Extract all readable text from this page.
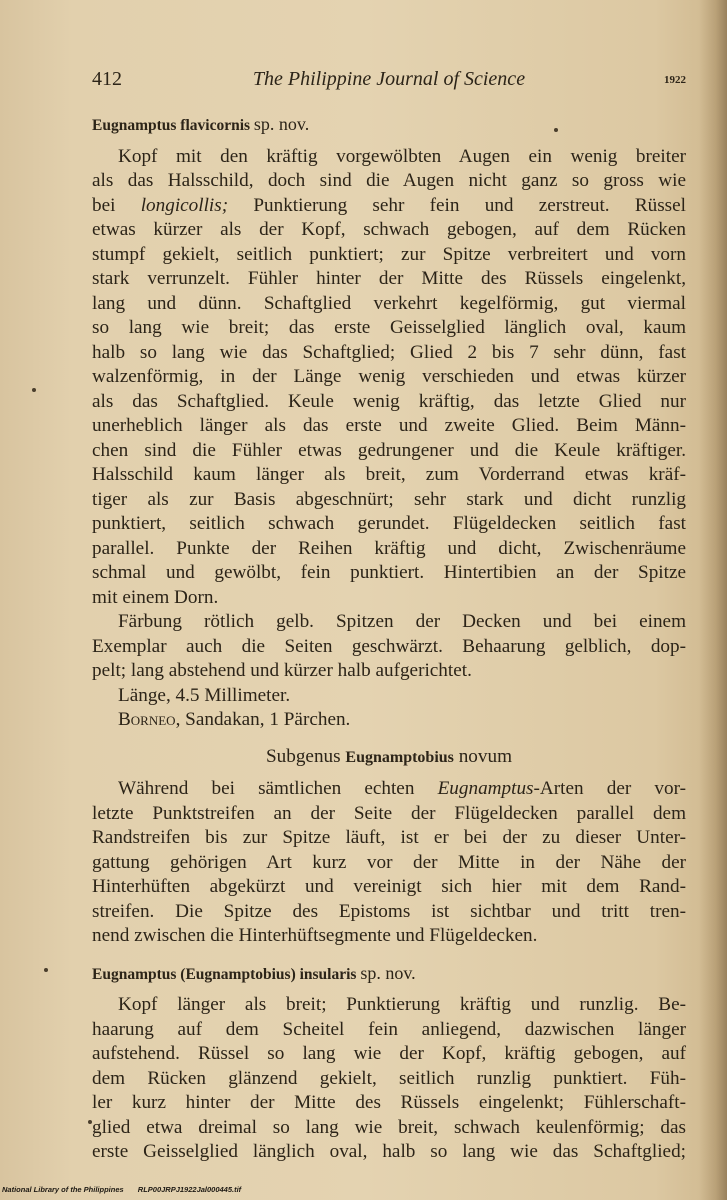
412	The Philippine Journal of Science	1922
Eugnamptus flavicornis sp. nov.
Kopf mit den kräftig vorgewölbten Augen ein wenig breiter
als das Halsschild, doch sind die Augen nicht ganz so gross wie
bei longicollis; Punktierung sehr fein und zerstreut. Rüssel
etwas kürzer als der Kopf, schwach gebogen, auf dem Rücken
stumpf gekielt, seitlich punktiert; zur Spitze verbreitert und vorn
stark verrunzelt. Fühler hinter der Mitte des Rüssels eingelenkt,
lang und dünn. Schaftglied verkehrt kegelförmig, gut viermal
so lang wie breit; das erste Geisselglied länglich oval, kaum
halb so lang wie das Schaftglied; Glied 2 bis 7 sehr dünn, fast
walzenförmig, in der Länge wenig verschieden und etwas kürzer
als das Schaftglied. Keule wenig kräftig, das letzte Glied nur
unerheblich länger als das erste und zweite Glied. Beim Männ-
chen sind die Fühler etwas gedrungener und die Keule kräftiger.
Halsschild kaum länger als breit, zum Vorderrand etwas kräf-
tiger als zur Basis abgeschnürt; sehr stark und dicht runzlig
punktiert, seitlich schwach gerundet. Flügeldecken seitlich fast
parallel. Punkte der Reihen kräftig und dicht, Zwischenräume
schmal und gewölbt, fein punktiert. Hintertibien an der Spitze
mit einem Dorn.
Färbung rötlich gelb. Spitzen der Decken und bei einem
Exemplar auch die Seiten geschwärzt. Behaarung gelblich, dop-
pelt; lang abstehend und kürzer halb aufgerichtet.
Länge, 4.5 Millimeter.
Borneo, Sandakan, 1 Pärchen.
Subgenus Eugnamptobius novum
Während bei sämtlichen echten Eugnamptus-Arten der vor-
letzte Punktstreifen an der Seite der Flügeldecken parallel dem
Randstreifen bis zur Spitze läuft, ist er bei der zu dieser Unter-
gattung gehörigen Art kurz vor der Mitte in der Nähe der
Hinterhüften abgekürzt und vereinigt sich hier mit dem Rand-
streifen. Die Spitze des Epistoms ist sichtbar und tritt tren-
nend zwischen die Hinterhüftsegmente und Flügeldecken.
Eugnamptus (Eugnamptobius) insularis sp. nov.
Kopf länger als breit; Punktierung kräftig und runzlig. Be-
haarung auf dem Scheitel fein anliegend, dazwischen länger
aufstehend. Rüssel so lang wie der Kopf, kräftig gebogen, auf
dem Rücken glänzend gekielt, seitlich runzlig punktiert. Füh-
ler kurz hinter der Mitte des Rüssels eingelenkt; Fühlerschaft-
glied etwa dreimal so lang wie breit, schwach keulenförmig; das
erste Geisselglied länglich oval, halb so lang wie das Schaftglied;
National Library of the Philippines RLP00JRPJ1922Jal000445.tif
